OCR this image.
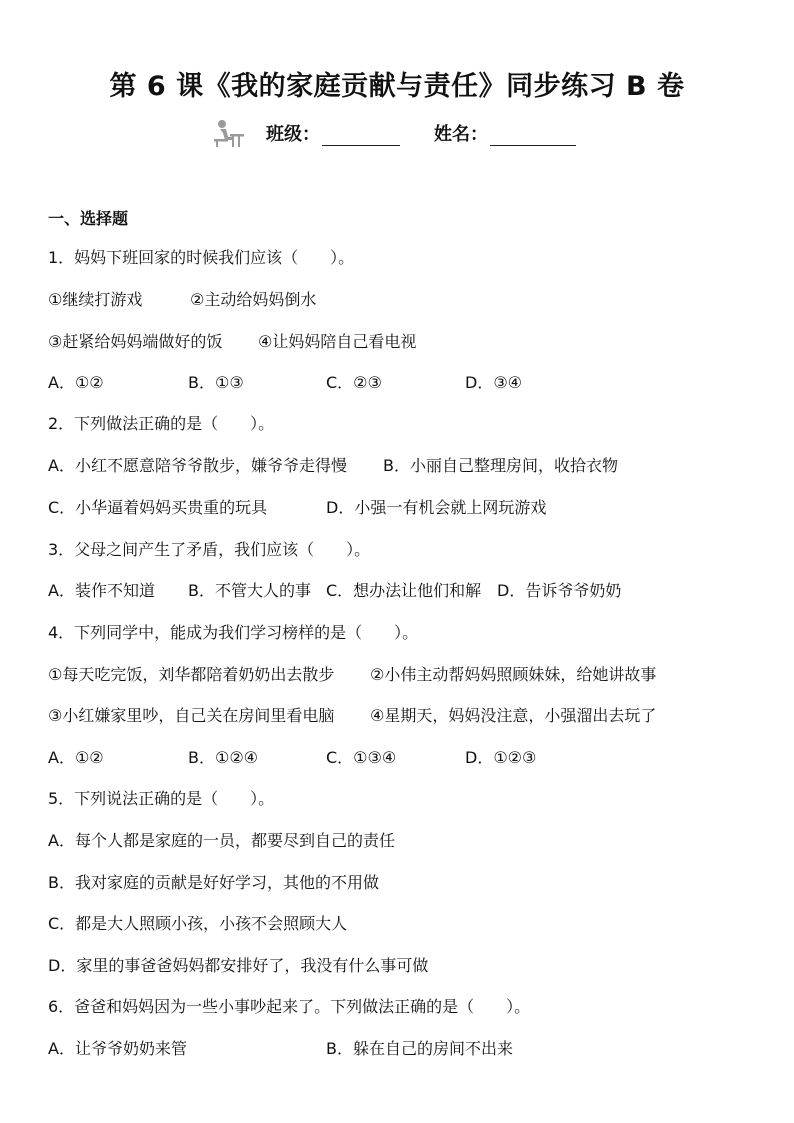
第 6 课《我的家庭贡献与责任》同步练习 B 卷
班级：	姓名：
一、选择题
1．妈妈下班回家的时候我们应该（　　）。
①继续打游戏	②主动给妈妈倒水
③赶紧给妈妈端做好的饭 ④让妈妈陪自己看电视
A．①②	B．①③	C．②③	D．③④
2．下列做法正确的是（　　）。
A．小红不愿意陪爷爷散步，嫌爷爷走得慢 B．小丽自己整理房间，收拾衣物
C．小华逼着妈妈买贵重的玩具	D．小强一有机会就上网玩游戏
3．父母之间产生了矛盾，我们应该（　　）。
A．装作不知道 B．不管大人的事 C．想办法让他们和解 D．告诉爷爷奶奶
4．下列同学中，能成为我们学习榜样的是（　　）。
①每天吃完饭，刘华都陪着奶奶出去散步 ②小伟主动帮妈妈照顾妹妹，给她讲故事
③小红嫌家里吵，自己关在房间里看电脑 ④星期天，妈妈没注意，小强溜出去玩了
A．①②	B．①②④	C．①③④	D．①②③
5．下列说法正确的是（　　）。
A．每个人都是家庭的一员，都要尽到自己的责任
B．我对家庭的贡献是好好学习，其他的不用做
C．都是大人照顾小孩，小孩不会照顾大人
D．家里的事爸爸妈妈都安排好了，我没有什么事可做
6．爸爸和妈妈因为一些小事吵起来了。下列做法正确的是（　　）。
A．让爷爷奶奶来管	B．躲在自己的房间不出来
